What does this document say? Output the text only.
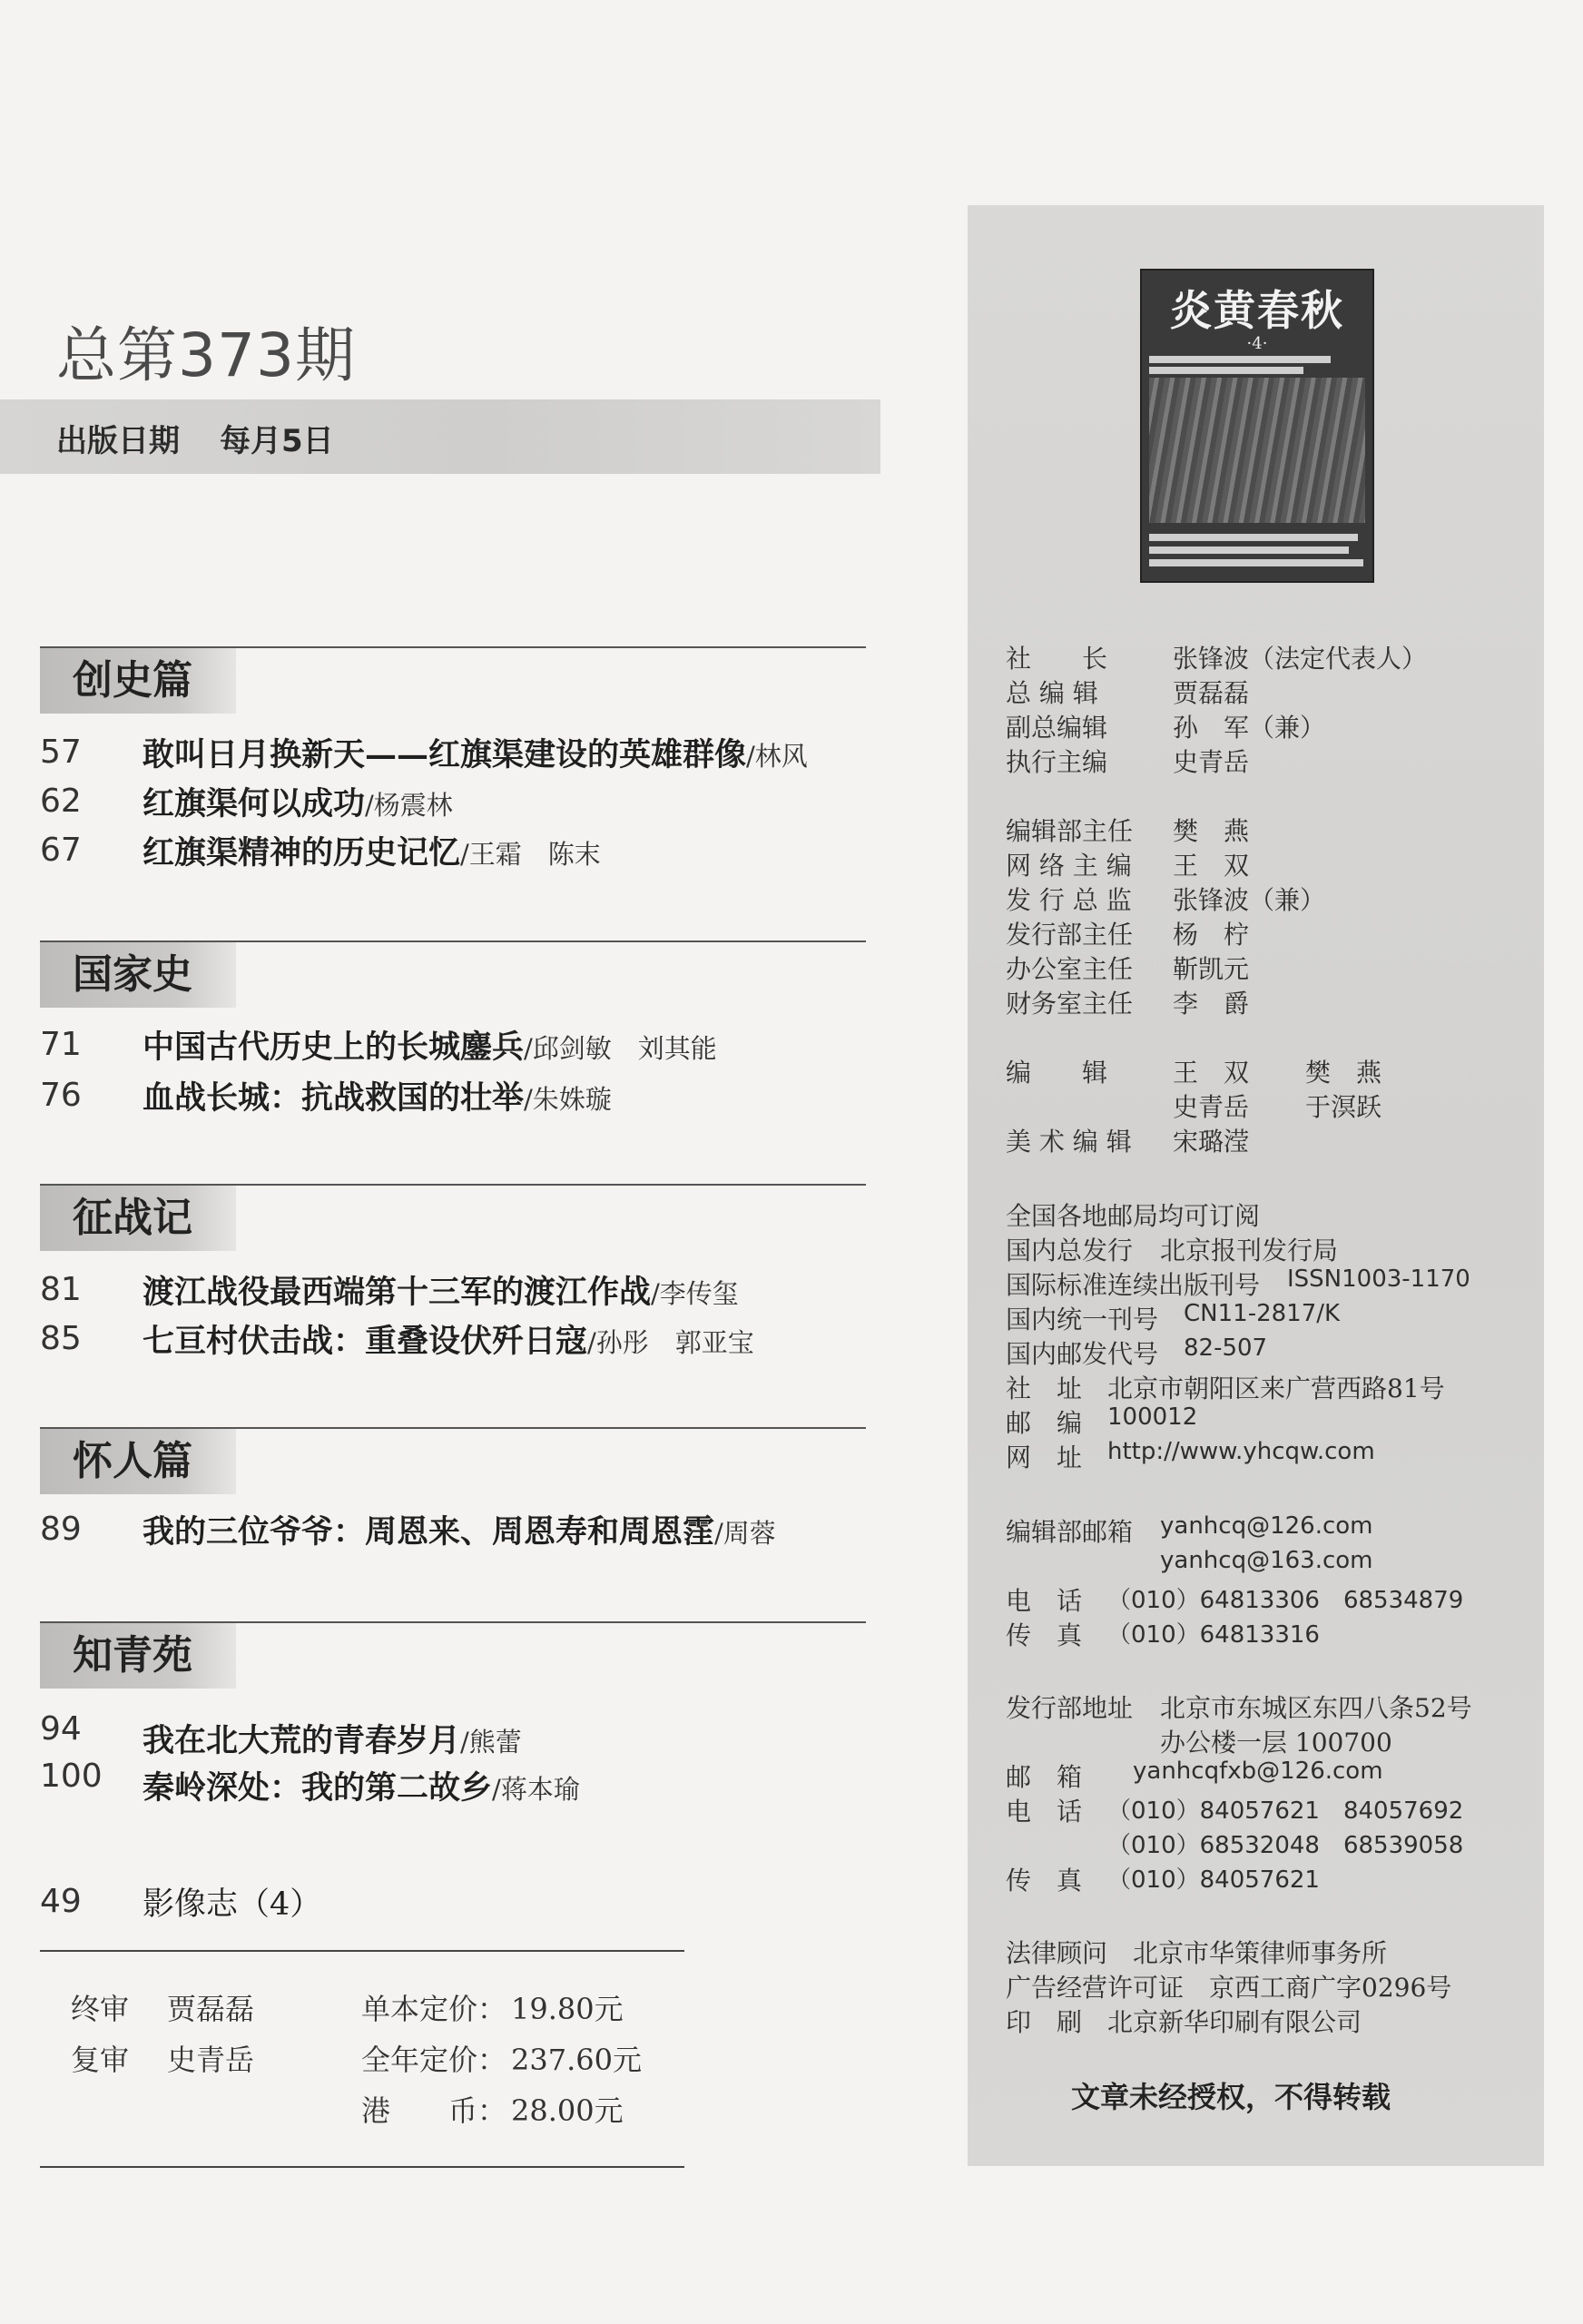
总第373期
出版日期 每月5日
创史篇
57	敢叫日月换新天——红旗渠建设的英雄群像/林风
62	红旗渠何以成功/杨震林
67	红旗渠精神的历史记忆/王霜　陈末
国家史
71	中国古代历史上的长城鏖兵/邱剑敏　刘其能
76	血战长城：抗战救国的壮举/朱姝璇
征战记
81	渡江战役最西端第十三军的渡江作战/李传玺
85	七亘村伏击战：重叠设伏歼日寇/孙彤　郭亚宝
怀人篇
89	我的三位爷爷：周恩来、周恩寿和周恩霔/周蓉
知青苑
94	我在北大荒的青春岁月/熊蕾
100	秦岭深处：我的第二故乡/蒋本瑜
49	影像志（4）
终审 贾磊磊	单本定价： 19.80元
复审 史青岳	全年定价： 237.60元
港　　币： 28.00元
炎黄春秋
·4·
社　　长	张锋波（法定代表人）
总 编 辑	贾磊磊
副总编辑	孙　军（兼）
执行主编	史青岳
编辑部主任 樊　燕
网 络 主 编 王　双
发 行 总 监 张锋波（兼）
发行部主任 杨　柠
办公室主任 靳凯元
财务室主任 李　爵
编　　辑	王　双 樊　燕
史青岳 于溟跃
美 术 编 辑 宋璐滢
全国各地邮局均可订阅
国内总发行 北京报刊发行局
国际标准连续出版刊号 ISSN1003-1170
国内统一刊号 CN11-2817/K
国内邮发代号 82-507
社　址 北京市朝阳区来广营西路81号
邮　编 100012
网　址 http://www.yhcqw.com
编辑部邮箱 yanhcq@126.com
yanhcq@163.com
电　话 （010）64813306　68534879
传　真 （010）64813316
发行部地址 北京市东城区东四八条52号
办公楼一层 100700
邮　箱 yanhcqfxb@126.com
电　话 （010）84057621　84057692
（010）68532048　68539058
传　真 （010）84057621
法律顾问 北京市华策律师事务所
广告经营许可证 京西工商广字0296号
印　刷 北京新华印刷有限公司
文章未经授权，不得转载
